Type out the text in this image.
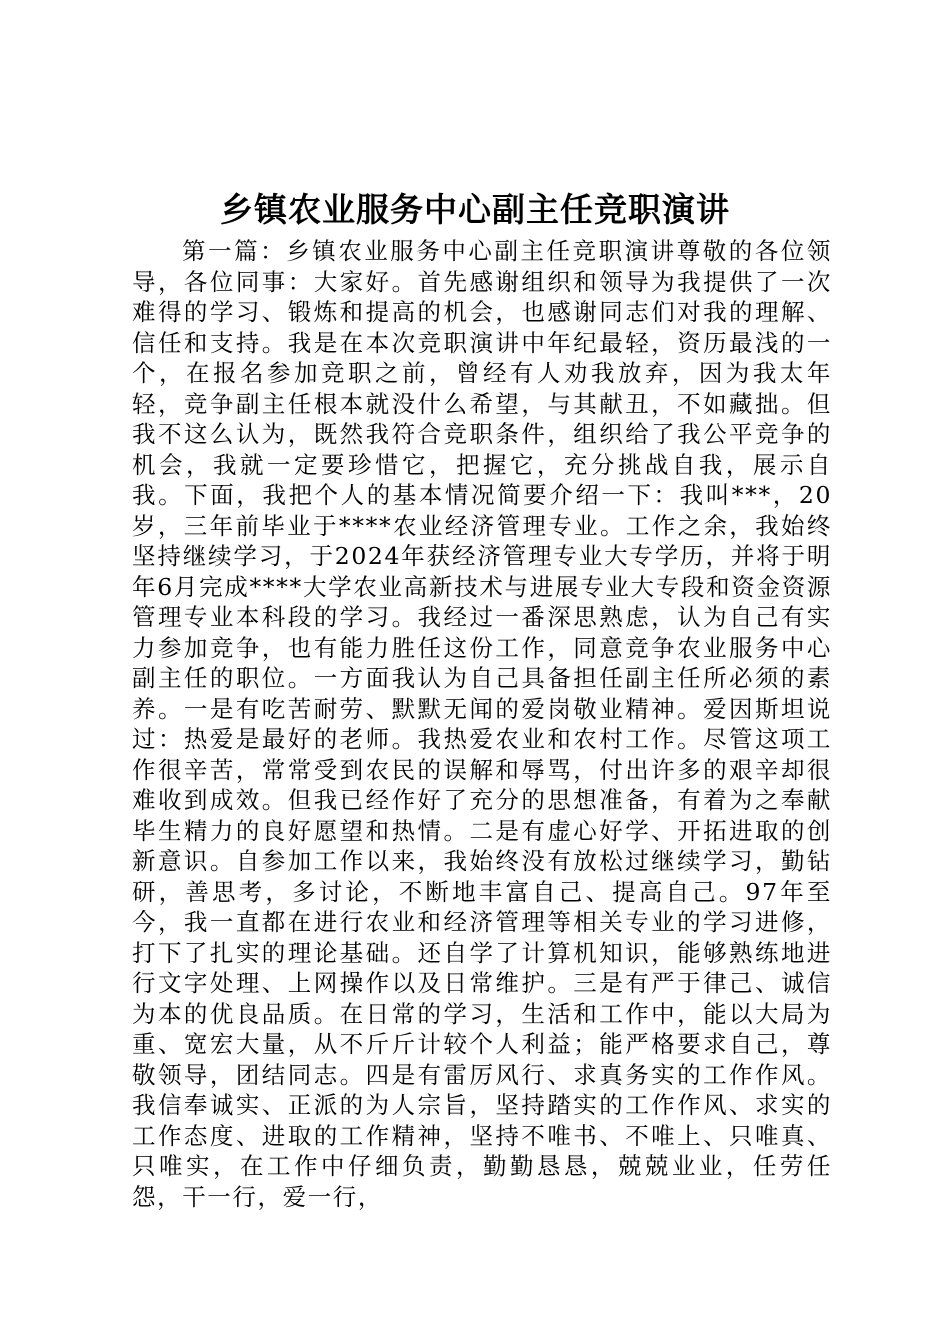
乡镇农业服务中心副主任竞职演讲

第一篇：乡镇农业服务中心副主任竞职演讲尊敬的各位领导，各位同事：大家好。首先感谢组织和领导为我提供了一次难得的学习、锻炼和提高的机会，也感谢同志们对我的理解、信任和支持。我是在本次竞职演讲中年纪最轻，资历最浅的一个，在报名参加竞职之前，曾经有人劝我放弃，因为我太年轻，竞争副主任根本就没什么希望，与其献丑，不如藏拙。但我不这么认为，既然我符合竞职条件，组织给了我公平竞争的机会，我就一定要珍惜它，把握它，充分挑战自我，展示自我。下面，我把个人的基本情况简要介绍一下：我叫***，20岁，三年前毕业于****农业经济管理专业。工作之余，我始终坚持继续学习，于2024年获经济管理专业大专学历，并将于明年6月完成****大学农业高新技术与进展专业大专段和资金资源管理专业本科段的学习。我经过一番深思熟虑，认为自己有实力参加竞争，也有能力胜任这份工作，同意竞争农业服务中心副主任的职位。一方面我认为自己具备担任副主任所必须的素养。一是有吃苦耐劳、默默无闻的爱岗敬业精神。爱因斯坦说过：热爱是最好的老师。我热爱农业和农村工作。尽管这项工作很辛苦，常常受到农民的误解和辱骂，付出许多的艰辛却很难收到成效。但我已经作好了充分的思想准备，有着为之奉献毕生精力的良好愿望和热情。二是有虚心好学、开拓进取的创新意识。自参加工作以来，我始终没有放松过继续学习，勤钻研，善思考，多讨论，不断地丰富自己、提高自己。97年至今，我一直都在进行农业和经济管理等相关专业的学习进修，打下了扎实的理论基础。还自学了计算机知识，能够熟练地进行文字处理、上网操作以及日常维护。三是有严于律己、诚信为本的优良品质。在日常的学习，生活和工作中，能以大局为重、宽宏大量，从不斤斤计较个人利益；能严格要求自己，尊敬领导，团结同志。四是有雷厉风行、求真务实的工作作风。我信奉诚实、正派的为人宗旨，坚持踏实的工作作风、求实的工作态度、进取的工作精神，坚持不唯书、不唯上、只唯真、只唯实，在工作中仔细负责，勤勤恳恳，兢兢业业，任劳任怨，干一行，爱一行，
